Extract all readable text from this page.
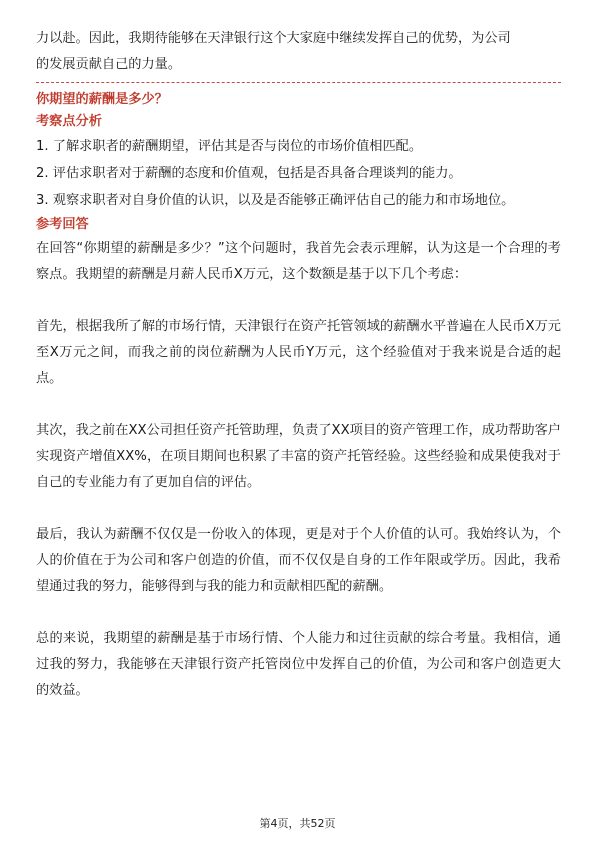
力以赴。因此，我期待能够在天津银行这个大家庭中继续发挥自己的优势，为公司

的发展贡献自己的力量。

你期望的薪酬是多少？

考察点分析

1. 了解求职者的薪酬期望，评估其是否与岗位的市场价值相匹配。

2. 评估求职者对于薪酬的态度和价值观，包括是否具备合理谈判的能力。

3. 观察求职者对自身价值的认识，以及是否能够正确评估自己的能力和市场地位。

参考回答

在回答“你期望的薪酬是多少？”这个问题时，我首先会表示理解，认为这是一个合理的考察点。我期望的薪酬是月薪人民币X万元，这个数额是基于以下几个考虑：

首先，根据我所了解的市场行情，天津银行在资产托管领域的薪酬水平普遍在人民币X万元至X万元之间，而我之前的岗位薪酬为人民币Y万元，这个经验值对于我来说是合适的起点。

其次，我之前在XX公司担任资产托管助理，负责了XX项目的资产管理工作，成功帮助客户实现资产增值XX%，在项目期间也积累了丰富的资产托管经验。这些经验和成果使我对于自己的专业能力有了更加自信的评估。

最后，我认为薪酬不仅仅是一份收入的体现，更是对于个人价值的认可。我始终认为，个人的价值在于为公司和客户创造的价值，而不仅仅是自身的工作年限或学历。因此，我希望通过我的努力，能够得到与我的能力和贡献相匹配的薪酬。

总的来说，我期望的薪酬是基于市场行情、个人能力和过往贡献的综合考量。我相信，通过我的努力，我能够在天津银行资产托管岗位中发挥自己的价值，为公司和客户创造更大的效益。

第4页，共52页
